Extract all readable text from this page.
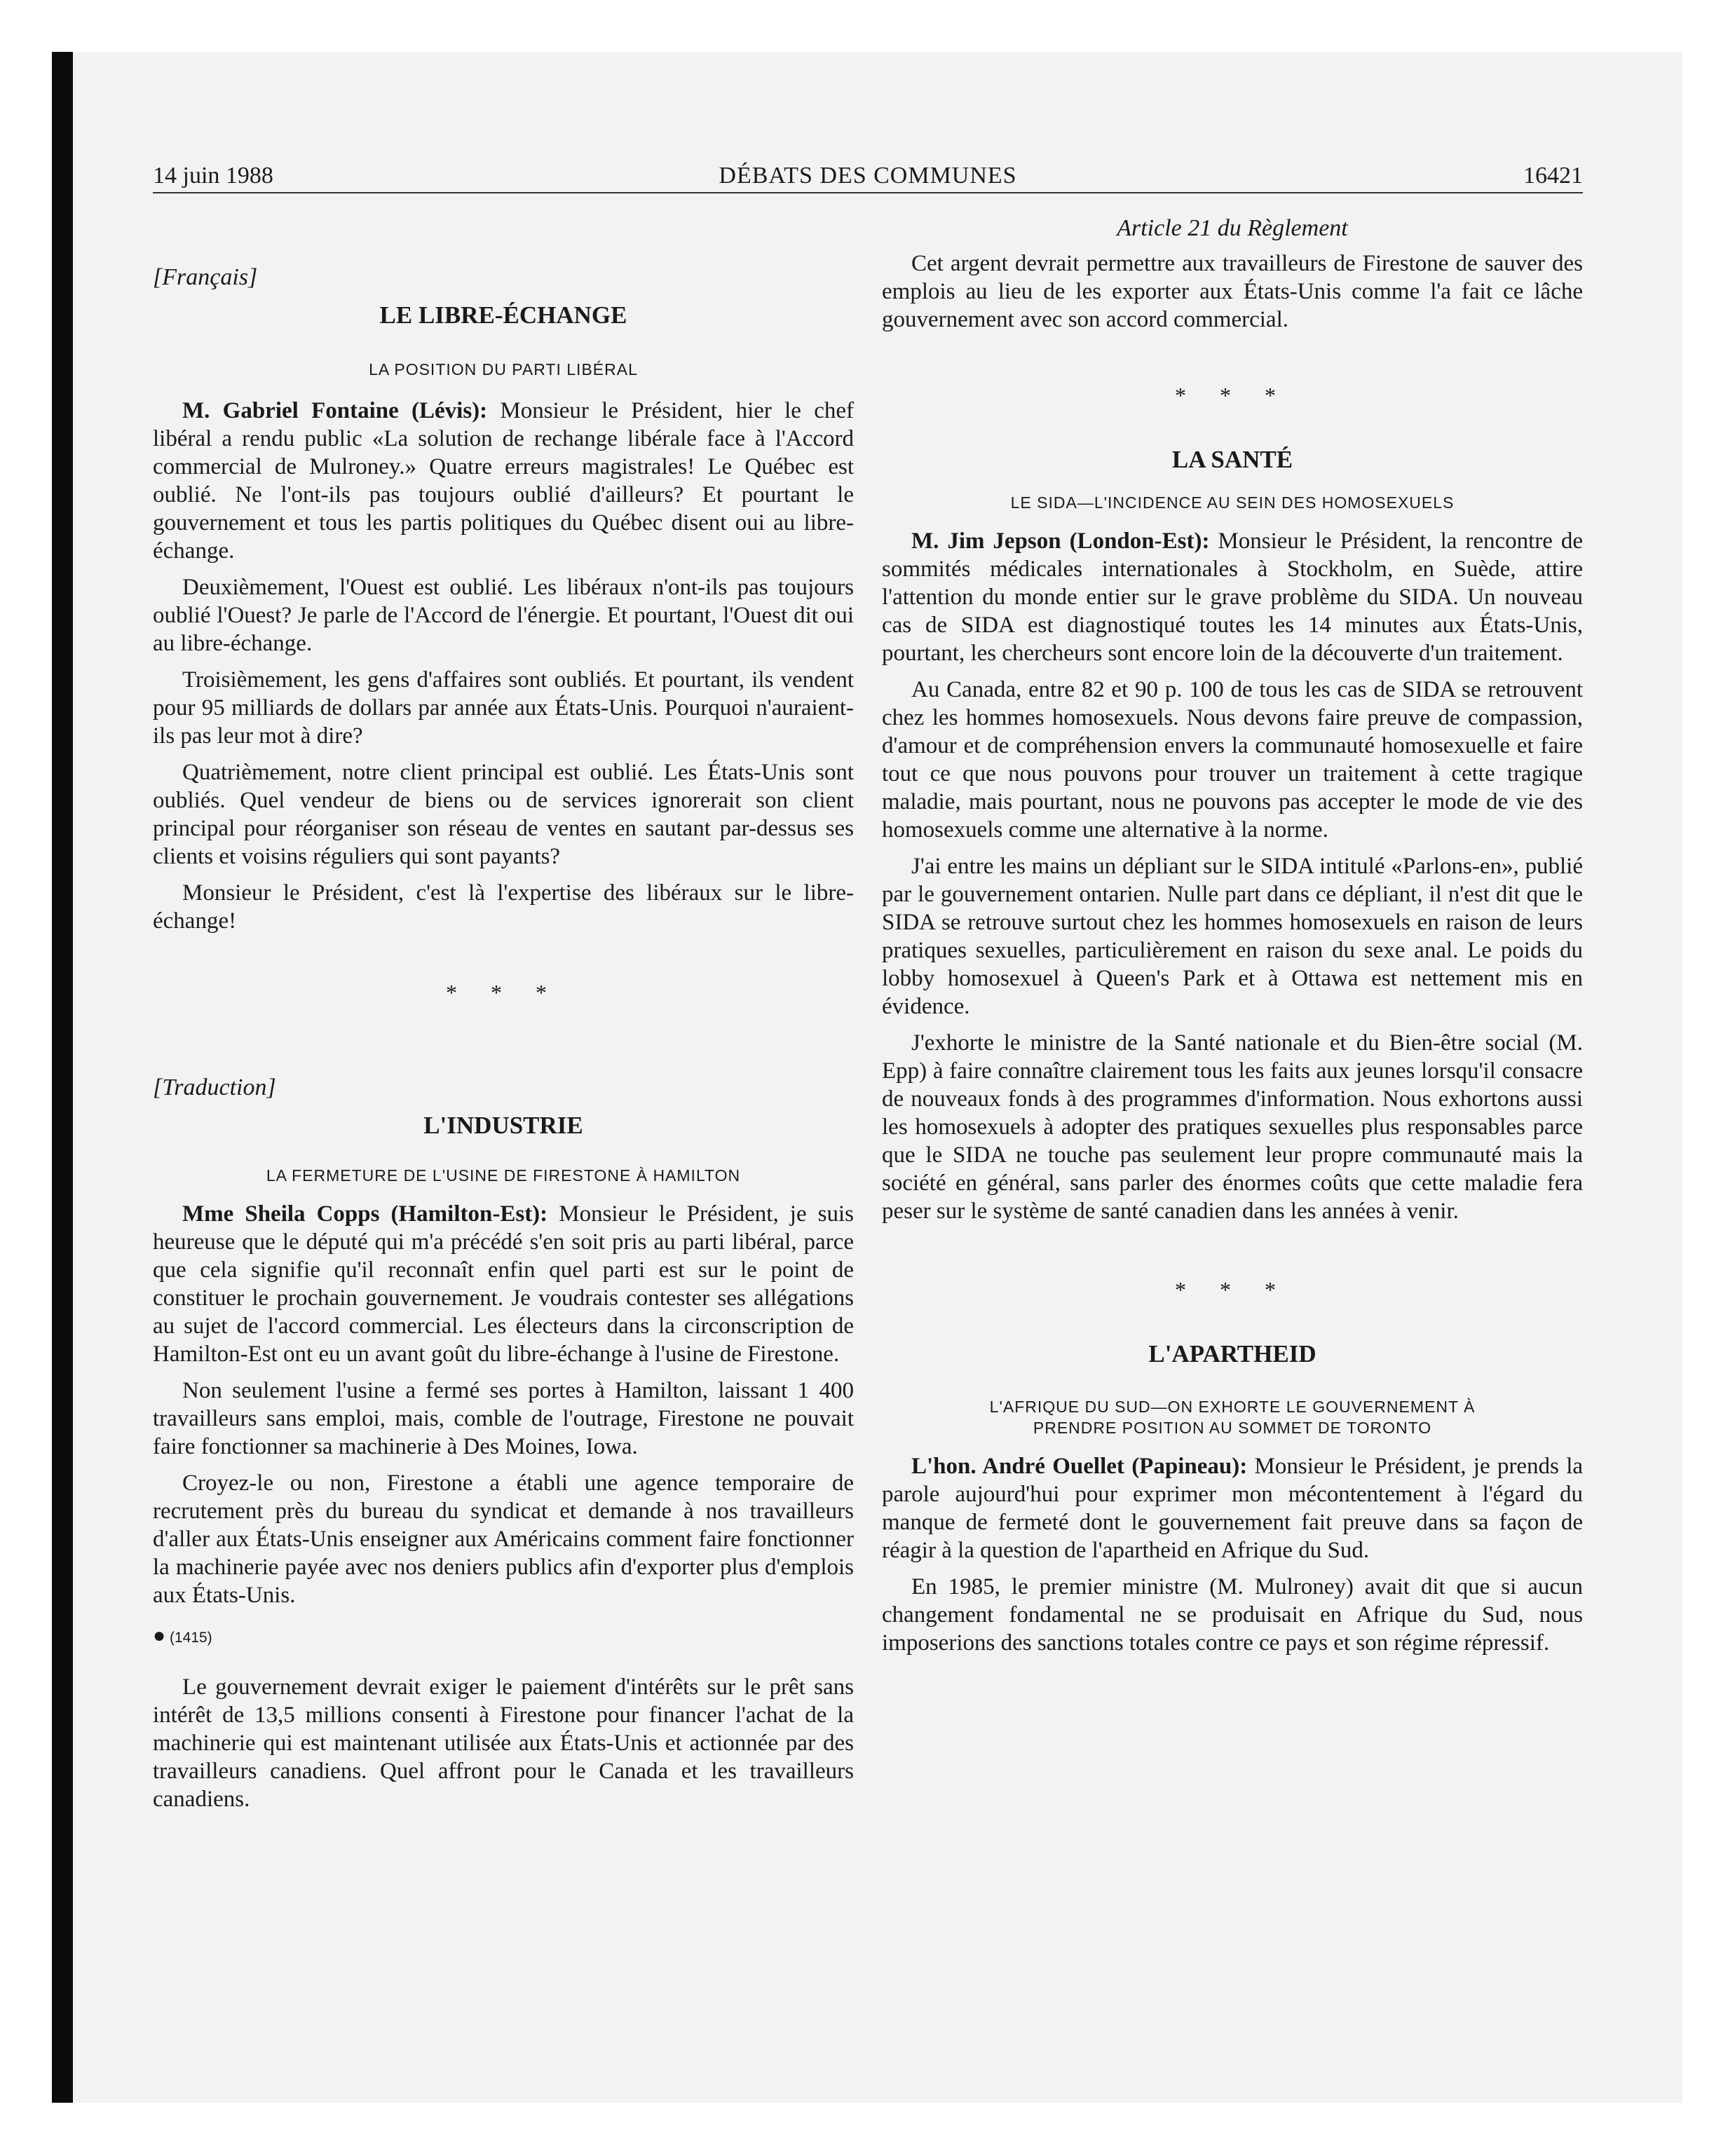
14 juin 1988	DÉBATS DES COMMUNES	16421

[Français]

LE LIBRE-ÉCHANGE

LA POSITION DU PARTI LIBÉRAL

M. Gabriel Fontaine (Lévis): Monsieur le Président, hier le chef libéral a rendu public «La solution de rechange libérale face à l'Accord commercial de Mulroney.» Quatre erreurs magistrales! Le Québec est oublié. Ne l'ont-ils pas toujours oublié d'ailleurs? Et pourtant le gouvernement et tous les partis politiques du Québec disent oui au libre-échange.

Deuxièmement, l'Ouest est oublié. Les libéraux n'ont-ils pas toujours oublié l'Ouest? Je parle de l'Accord de l'énergie. Et pourtant, l'Ouest dit oui au libre-échange.

Troisièmement, les gens d'affaires sont oubliés. Et pourtant, ils vendent pour 95 milliards de dollars par année aux États-Unis. Pourquoi n'auraient-ils pas leur mot à dire?

Quatrièmement, notre client principal est oublié. Les États-Unis sont oubliés. Quel vendeur de biens ou de services ignorerait son client principal pour réorganiser son réseau de ventes en sautant par-dessus ses clients et voisins réguliers qui sont payants?

Monsieur le Président, c'est là l'expertise des libéraux sur le libre-échange!

* * *

[Traduction]

L'INDUSTRIE

LA FERMETURE DE L'USINE DE FIRESTONE À HAMILTON

Mme Sheila Copps (Hamilton-Est): Monsieur le Président, je suis heureuse que le député qui m'a précédé s'en soit pris au parti libéral, parce que cela signifie qu'il reconnaît enfin quel parti est sur le point de constituer le prochain gouvernement. Je voudrais contester ses allégations au sujet de l'accord commercial. Les électeurs dans la circonscription de Hamilton-Est ont eu un avant goût du libre-échange à l'usine de Firestone.

Non seulement l'usine a fermé ses portes à Hamilton, laissant 1 400 travailleurs sans emploi, mais, comble de l'outrage, Firestone ne pouvait faire fonctionner sa machinerie à Des Moines, Iowa.

Croyez-le ou non, Firestone a établi une agence temporaire de recrutement près du bureau du syndicat et demande à nos travailleurs d'aller aux États-Unis enseigner aux Américains comment faire fonctionner la machinerie payée avec nos deniers publics afin d'exporter plus d'emplois aux États-Unis.

● (1415)

Le gouvernement devrait exiger le paiement d'intérêts sur le prêt sans intérêt de 13,5 millions consenti à Firestone pour financer l'achat de la machinerie qui est maintenant utilisée aux États-Unis et actionnée par des travailleurs canadiens. Quel affront pour le Canada et les travailleurs canadiens.

Article 21 du Règlement

Cet argent devrait permettre aux travailleurs de Firestone de sauver des emplois au lieu de les exporter aux États-Unis comme l'a fait ce lâche gouvernement avec son accord commercial.

* * *

LA SANTÉ

LE SIDA—L'INCIDENCE AU SEIN DES HOMOSEXUELS

M. Jim Jepson (London-Est): Monsieur le Président, la rencontre de sommités médicales internationales à Stockholm, en Suède, attire l'attention du monde entier sur le grave problème du SIDA. Un nouveau cas de SIDA est diagnostiqué toutes les 14 minutes aux États-Unis, pourtant, les chercheurs sont encore loin de la découverte d'un traitement.

Au Canada, entre 82 et 90 p. 100 de tous les cas de SIDA se retrouvent chez les hommes homosexuels. Nous devons faire preuve de compassion, d'amour et de compréhension envers la communauté homosexuelle et faire tout ce que nous pouvons pour trouver un traitement à cette tragique maladie, mais pourtant, nous ne pouvons pas accepter le mode de vie des homosexuels comme une alternative à la norme.

J'ai entre les mains un dépliant sur le SIDA intitulé «Parlons-en», publié par le gouvernement ontarien. Nulle part dans ce dépliant, il n'est dit que le SIDA se retrouve surtout chez les hommes homosexuels en raison de leurs pratiques sexuelles, particulièrement en raison du sexe anal. Le poids du lobby homosexuel à Queen's Park et à Ottawa est nettement mis en évidence.

J'exhorte le ministre de la Santé nationale et du Bien-être social (M. Epp) à faire connaître clairement tous les faits aux jeunes lorsqu'il consacre de nouveaux fonds à des programmes d'information. Nous exhortons aussi les homosexuels à adopter des pratiques sexuelles plus responsables parce que le SIDA ne touche pas seulement leur propre communauté mais la société en général, sans parler des énormes coûts que cette maladie fera peser sur le système de santé canadien dans les années à venir.

* * *

L'APARTHEID

L'AFRIQUE DU SUD—ON EXHORTE LE GOUVERNEMENT À

PRENDRE POSITION AU SOMMET DE TORONTO

L'hon. André Ouellet (Papineau): Monsieur le Président, je prends la parole aujourd'hui pour exprimer mon mécontentement à l'égard du manque de fermeté dont le gouvernement fait preuve dans sa façon de réagir à la question de l'apartheid en Afrique du Sud.

En 1985, le premier ministre (M. Mulroney) avait dit que si aucun changement fondamental ne se produisait en Afrique du Sud, nous imposerions des sanctions totales contre ce pays et son régime répressif.
